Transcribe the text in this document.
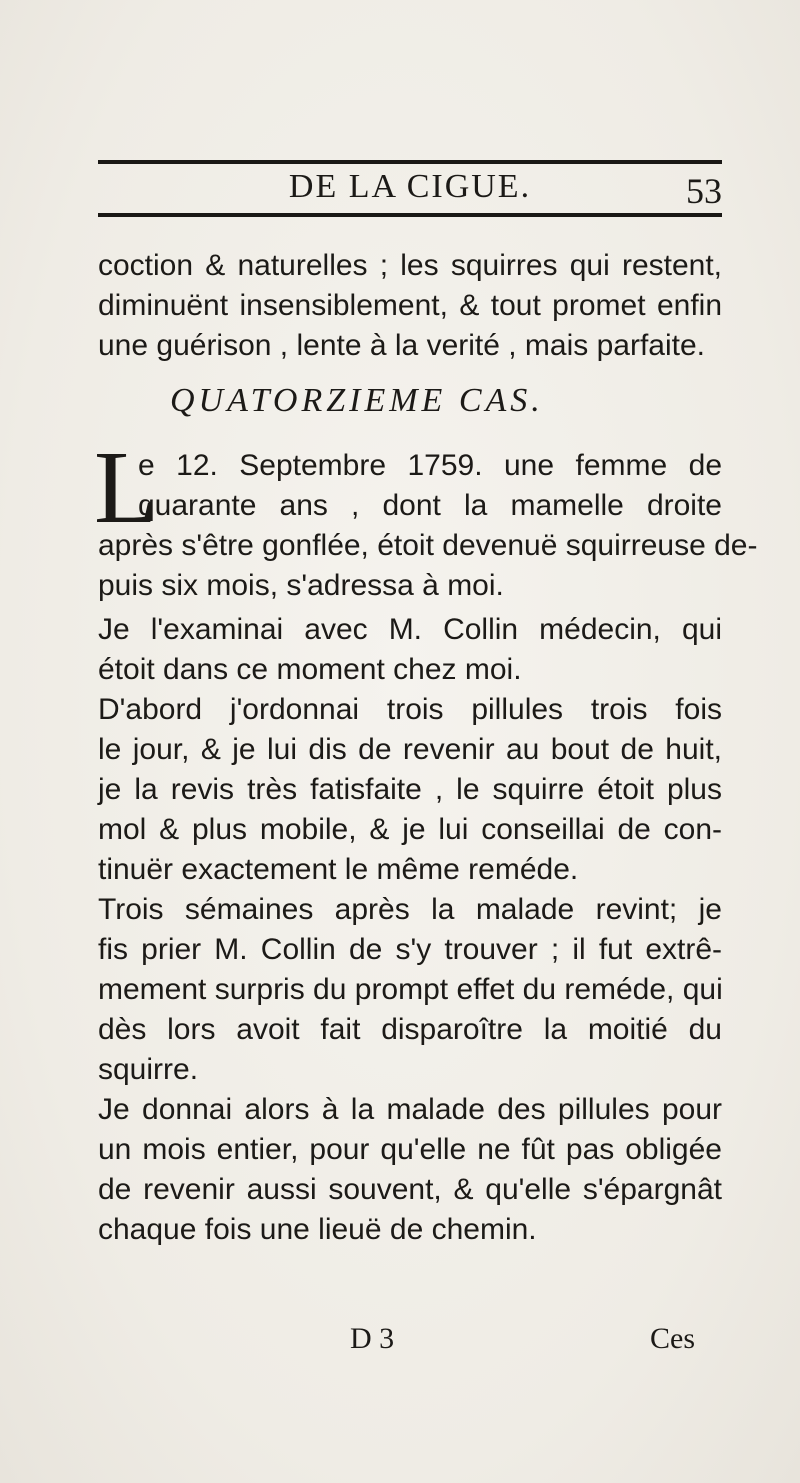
DE LA CIGUE.	53
coction & naturelles ; les squirres qui restent,
diminuënt insensiblement, & tout promet enfin
une guérison , lente à la verité , mais parfaite.
QUATORZIEME CAS.
L
e 12. Septembre 1759. une femme de
quarante ans , dont la mamelle droite
après s'être gonflée, étoit devenuë squirreuse de-
puis six mois, s'adressa à moi.
Je l'examinai avec M. Collin médecin, qui
étoit dans ce moment chez moi.
D'abord j'ordonnai trois pillules trois fois
le jour, & je lui dis de revenir au bout de huit,
je la revis très fatisfaite , le squirre étoit plus
mol & plus mobile, & je lui conseillai de con-
tinuër exactement le même reméde.
Trois sémaines après la malade revint; je
fis prier M. Collin de s'y trouver ; il fut extrê-
mement surpris du prompt effet du reméde, qui
dès lors avoit fait disparoître la moitié du
squirre.
Je donnai alors à la malade des pillules pour
un mois entier, pour qu'elle ne fût pas obligée
de revenir aussi souvent, & qu'elle s'épargnât
chaque fois une lieuë de chemin.
D 3	Ces
